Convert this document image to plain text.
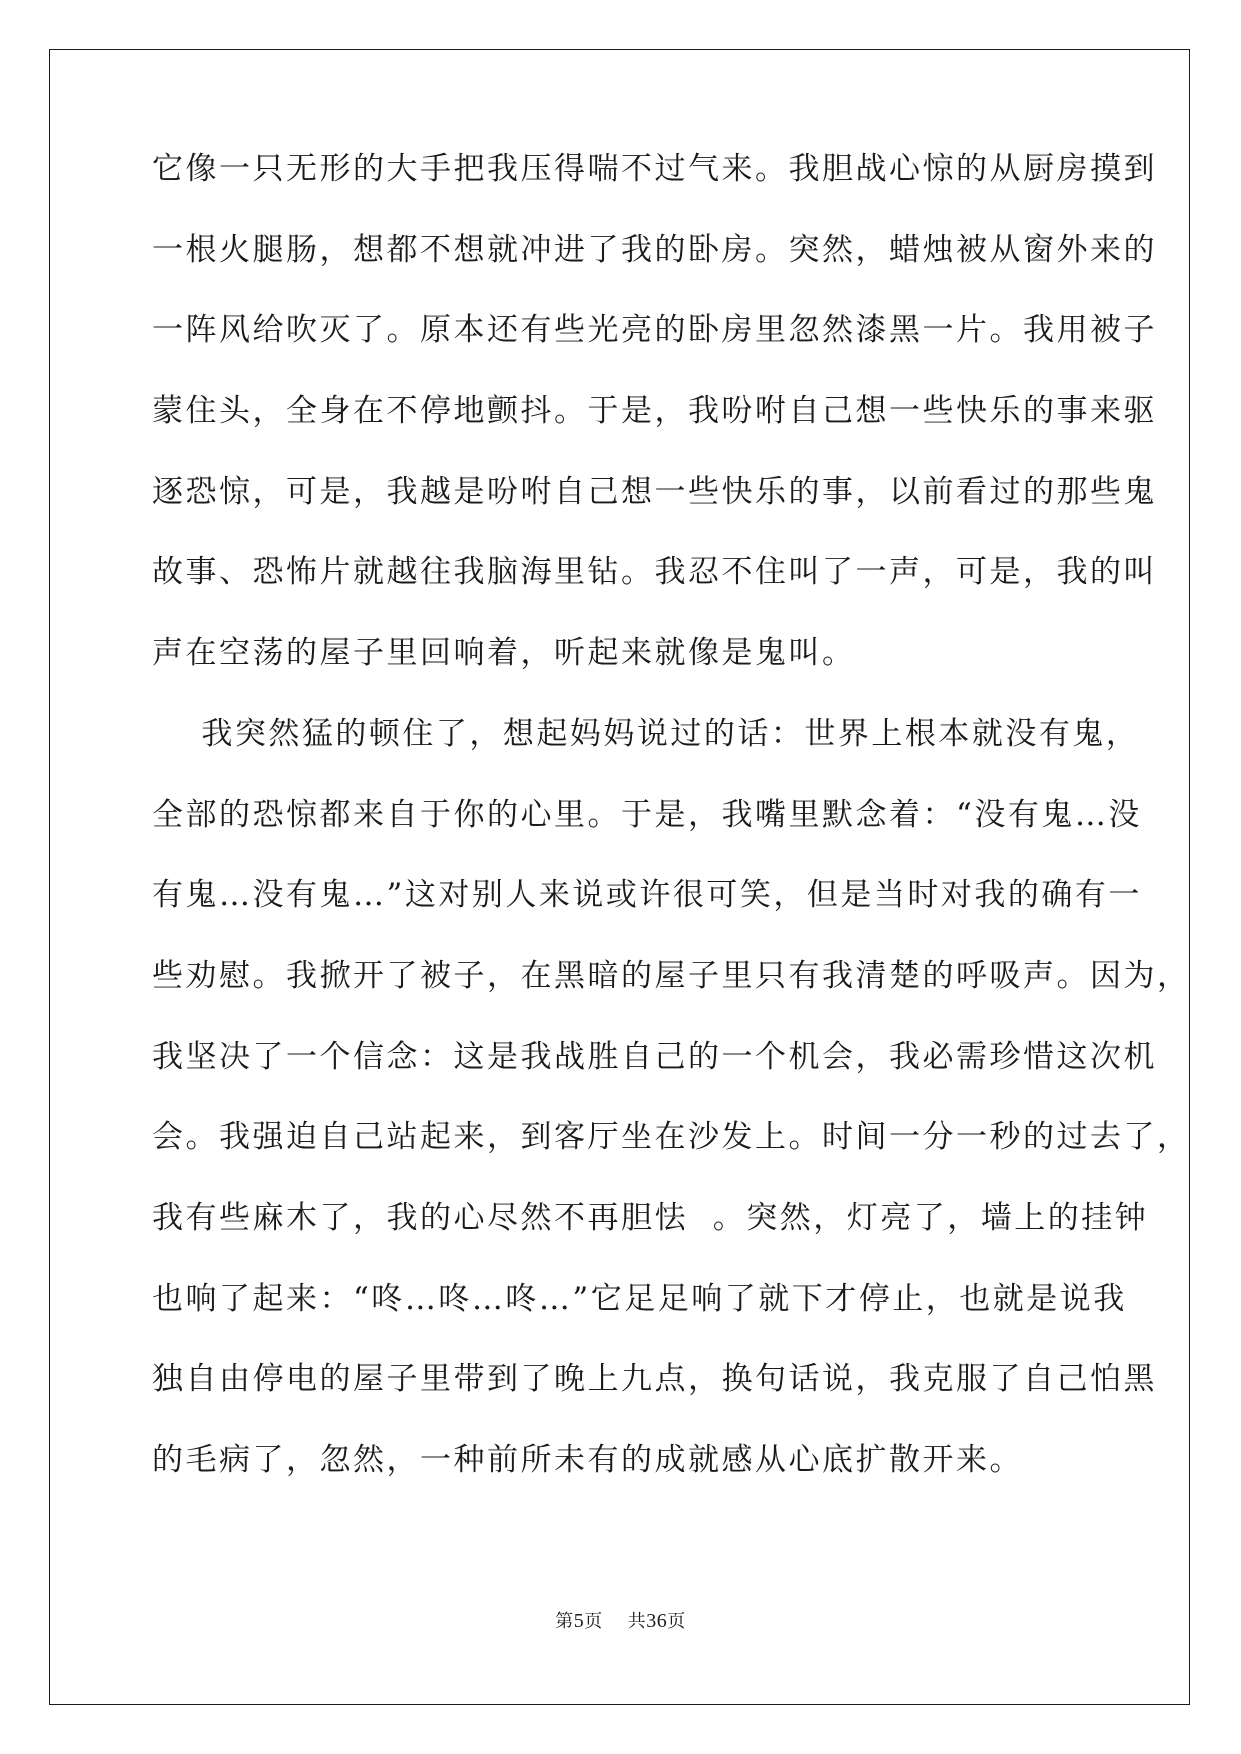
它像一只无形的大手把我压得喘不过气来。我胆战心惊的从厨房摸到
一根火腿肠，想都不想就冲进了我的卧房。突然，蜡烛被从窗外来的
一阵风给吹灭了。原本还有些光亮的卧房里忽然漆黑一片。我用被子
蒙住头，全身在不停地颤抖。于是，我吩咐自己想一些快乐的事来驱
逐恐惊，可是，我越是吩咐自己想一些快乐的事，以前看过的那些鬼
故事、恐怖片就越往我脑海里钻。我忍不住叫了一声，可是，我的叫
声在空荡的屋子里回响着，听起来就像是鬼叫。
我突然猛的顿住了，想起妈妈说过的话：世界上根本就没有鬼，
全部的恐惊都来自于你的心里。于是，我嘴里默念着：“没有鬼…没
有鬼…没有鬼…”这对别人来说或许很可笑，但是当时对我的确有一
些劝慰。我掀开了被子，在黑暗的屋子里只有我清楚的呼吸声。因为，
我坚决了一个信念：这是我战胜自己的一个机会，我必需珍惜这次机
会。我强迫自己站起来，到客厅坐在沙发上。时间一分一秒的过去了，
我有些麻木了，我的心尽然不再胆怯  。突然，灯亮了，墙上的挂钟
也响了起来：“咚…咚…咚…”它足足响了就下才停止，也就是说我
独自由停电的屋子里带到了晚上九点，换句话说，我克服了自己怕黑
的毛病了，忽然，一种前所未有的成就感从心底扩散开来。
第5页    共36页
